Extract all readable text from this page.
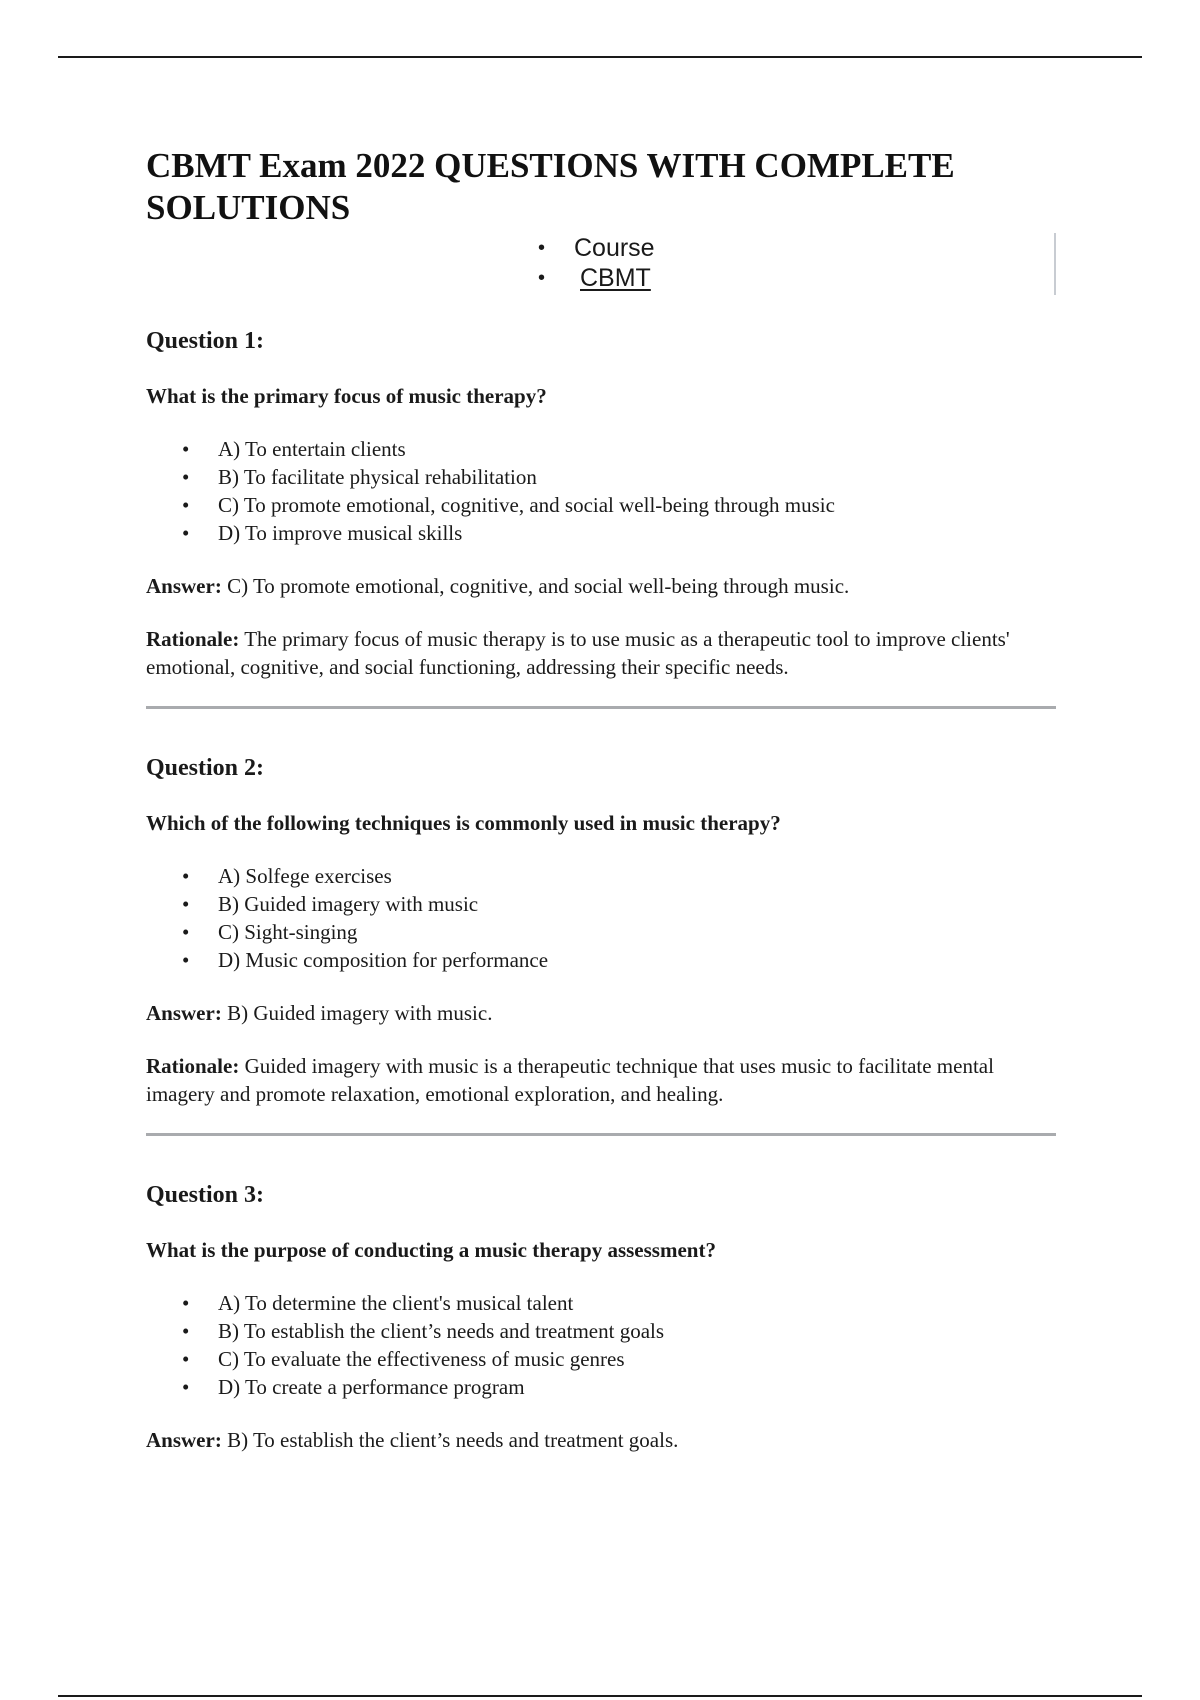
CBMT Exam 2022 QUESTIONS WITH COMPLETE SOLUTIONS
• Course
• CBMT
Question 1:

What is the primary focus of music therapy?

• A) To entertain clients
• B) To facilitate physical rehabilitation
• C) To promote emotional, cognitive, and social well-being through music
• D) To improve musical skills

Answer: C) To promote emotional, cognitive, and social well-being through music.

Rationale: The primary focus of music therapy is to use music as a therapeutic tool to improve clients' emotional, cognitive, and social functioning, addressing their specific needs.

Question 2:

Which of the following techniques is commonly used in music therapy?

• A) Solfege exercises
• B) Guided imagery with music
• C) Sight-singing
• D) Music composition for performance

Answer: B) Guided imagery with music.

Rationale: Guided imagery with music is a therapeutic technique that uses music to facilitate mental imagery and promote relaxation, emotional exploration, and healing.

Question 3:

What is the purpose of conducting a music therapy assessment?

• A) To determine the client's musical talent
• B) To establish the client’s needs and treatment goals
• C) To evaluate the effectiveness of music genres
• D) To create a performance program

Answer: B) To establish the client’s needs and treatment goals.
